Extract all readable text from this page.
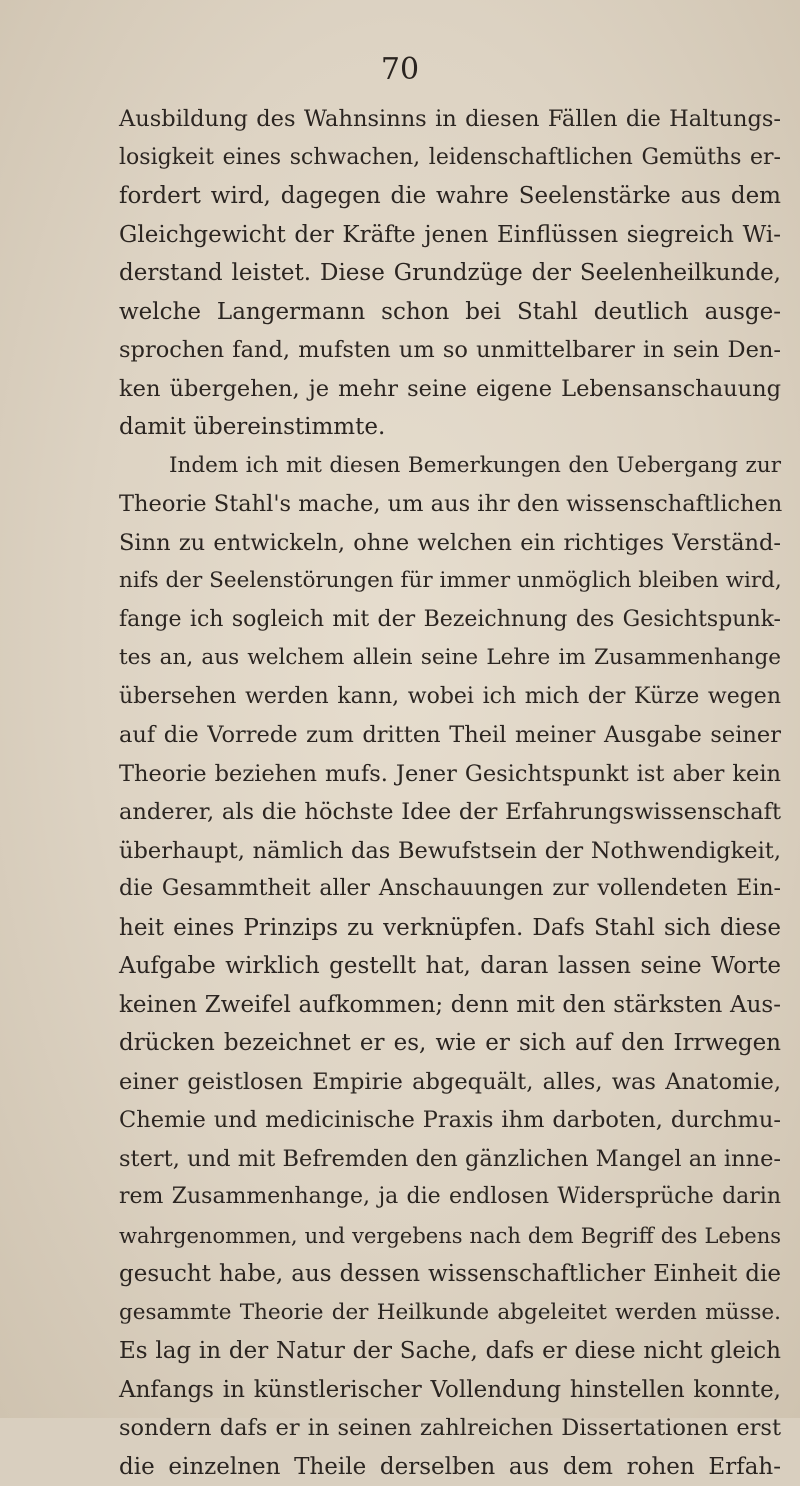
70
Ausbildung des Wahnsinns in diesen Fällen die Haltungs-
losigkeit eines schwachen, leidenschaftlichen Gemüths er-
fordert wird, dagegen die wahre Seelenstärke aus dem
Gleichgewicht der Kräfte jenen Einflüssen siegreich Wi-
derstand leistet. Diese Grundzüge der Seelenheilkunde,
welche Langermann schon bei Stahl deutlich ausge-
sprochen fand, mufsten um so unmittelbarer in sein Den-
ken übergehen, je mehr seine eigene Lebensanschauung
damit übereinstimmte.
Indem ich mit diesen Bemerkungen den Uebergang zur
Theorie Stahl's mache, um aus ihr den wissenschaftlichen
Sinn zu entwickeln, ohne welchen ein richtiges Verständ-
nifs der Seelenstörungen für immer unmöglich bleiben wird,
fange ich sogleich mit der Bezeichnung des Gesichtspunk-
tes an, aus welchem allein seine Lehre im Zusammenhange
übersehen werden kann, wobei ich mich der Kürze wegen
auf die Vorrede zum dritten Theil meiner Ausgabe seiner
Theorie beziehen mufs. Jener Gesichtspunkt ist aber kein
anderer, als die höchste Idee der Erfahrungswissenschaft
überhaupt, nämlich das Bewufstsein der Nothwendigkeit,
die Gesammtheit aller Anschauungen zur vollendeten Ein-
heit eines Prinzips zu verknüpfen. Dafs Stahl sich diese
Aufgabe wirklich gestellt hat, daran lassen seine Worte
keinen Zweifel aufkommen; denn mit den stärksten Aus-
drücken bezeichnet er es, wie er sich auf den Irrwegen
einer geistlosen Empirie abgequält, alles, was Anatomie,
Chemie und medicinische Praxis ihm darboten, durchmu-
stert, und mit Befremden den gänzlichen Mangel an inne-
rem Zusammenhange, ja die endlosen Widersprüche darin
wahrgenommen, und vergebens nach dem Begriff des Lebens
gesucht habe, aus dessen wissenschaftlicher Einheit die
gesammte Theorie der Heilkunde abgeleitet werden müsse.
Es lag in der Natur der Sache, dafs er diese nicht gleich
Anfangs in künstlerischer Vollendung hinstellen konnte,
sondern dafs er in seinen zahlreichen Dissertationen erst
die einzelnen Theile derselben aus dem rohen Erfah-
